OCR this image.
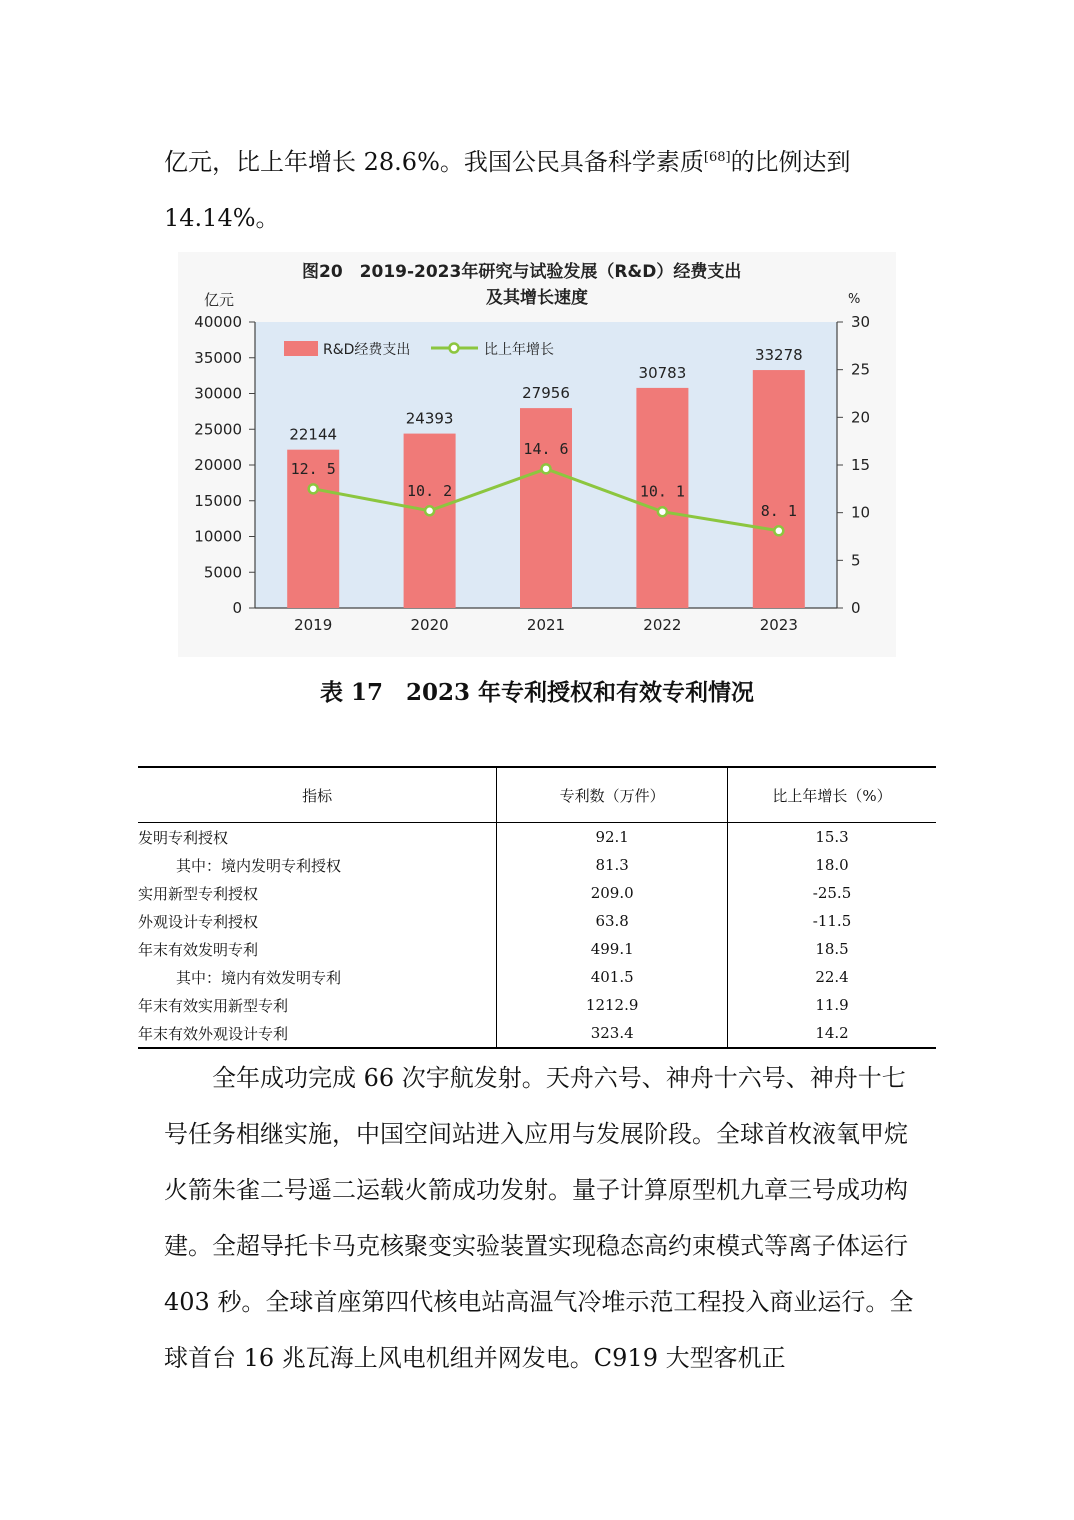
亿元，比上年增长 28.6%。我国公民具备科学素质[68]的比例达到 14.14%。
图20　2019-2023年研究与试验发展（R&D）经费支出
及其增长速度
亿元	%
40000
35000
30000
25000
20000
15000
10000
5000
0
30
25
20
15
10
5
0
22144
24393
27956
30783
33278
12. 5
10. 2
14. 6
10. 1
8. 1
2019	2020	2021	2022	2023
R&D经费支出	比上年增长
表 17　2023 年专利授权和有效专利情况
指标	专利数（万件）	比上年增长（%）
发明专利授权	92.1	15.3
其中：境内发明专利授权	81.3	18.0
实用新型专利授权	209.0	-25.5
外观设计专利授权	63.8	-11.5
年末有效发明专利	499.1	18.5
其中：境内有效发明专利	401.5	22.4
年末有效实用新型专利	1212.9	11.9
年末有效外观设计专利	323.4	14.2
全年成功完成 66 次宇航发射。天舟六号、神舟十六号、神舟十七号任务相继实施，中国空间站进入应用与发展阶段。全球首枚液氧甲烷火箭朱雀二号遥二运载火箭成功发射。量子计算原型机九章三号成功构建。全超导托卡马克核聚变实验装置实现稳态高约束模式等离子体运行 403 秒。全球首座第四代核电站高温气冷堆示范工程投入商业运行。全球首台 16 兆瓦海上风电机组并网发电。C919 大型客机正
